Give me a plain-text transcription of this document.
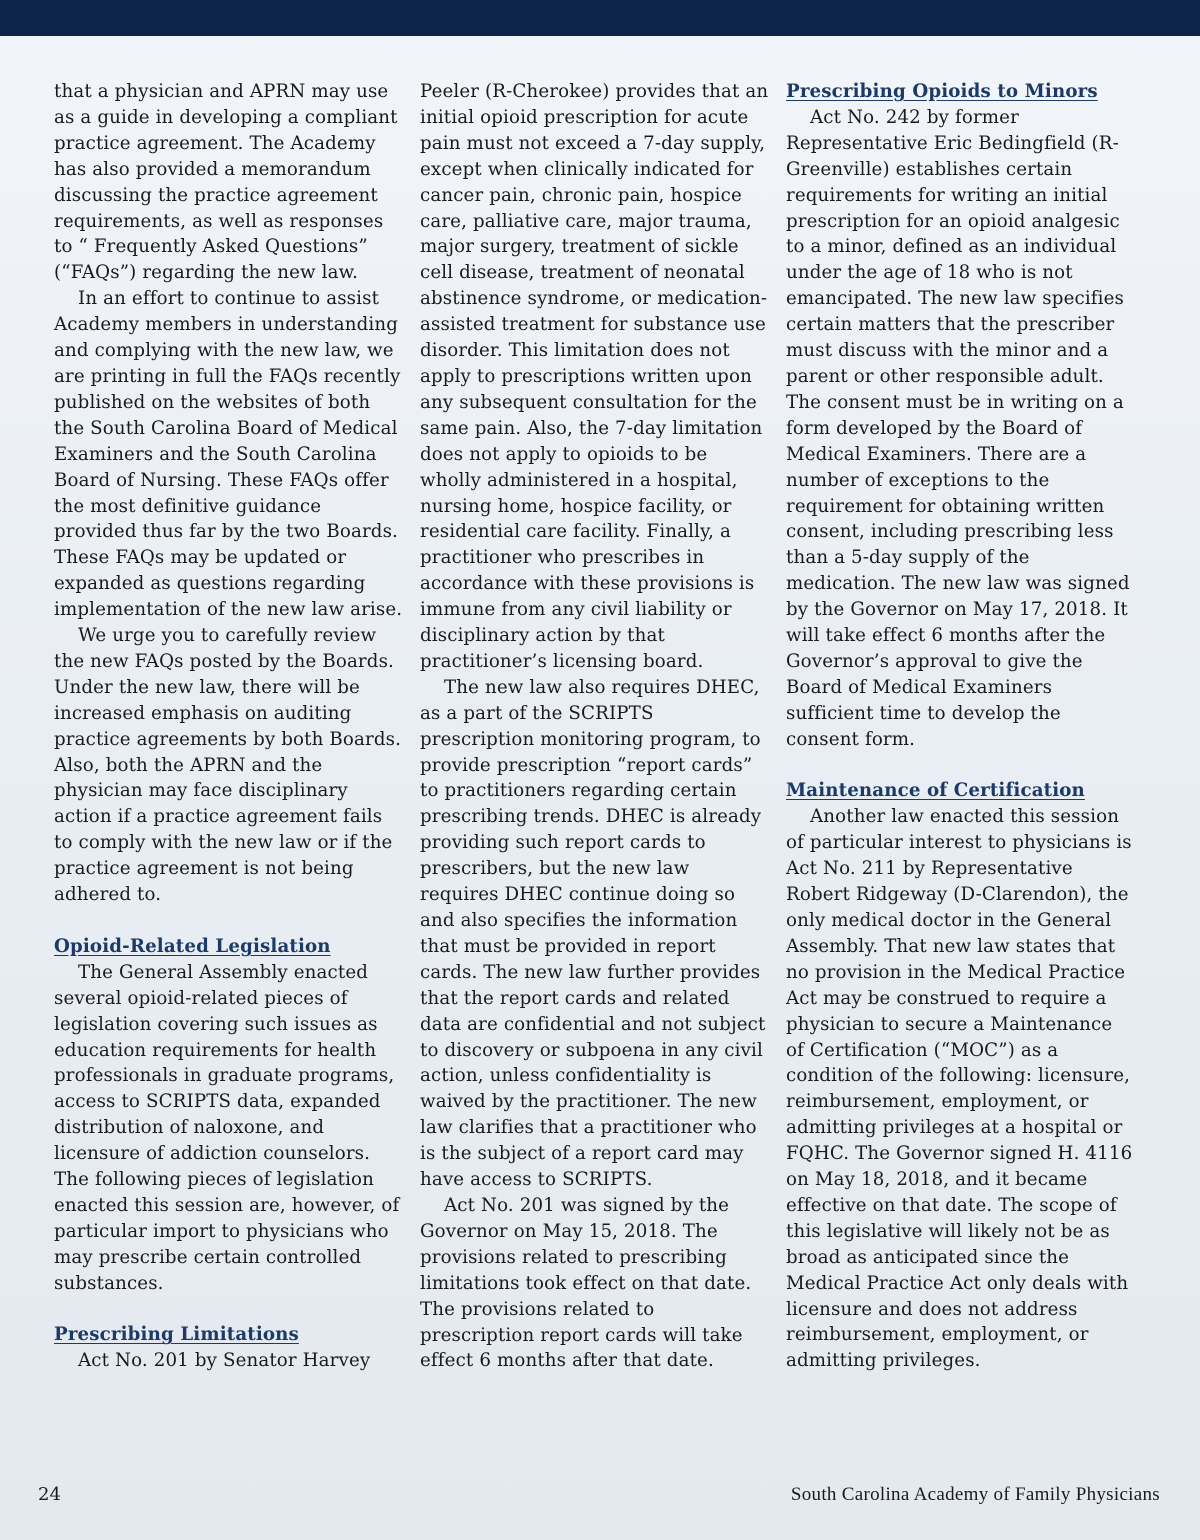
that a physician and APRN may use as a guide in developing a compliant practice agreement. The Academy has also provided a memorandum discussing the practice agreement requirements, as well as responses to “ Frequently Asked Questions” (“FAQs”) regarding the new law.

In an effort to continue to assist Academy members in understanding and complying with the new law, we are printing in full the FAQs recently published on the websites of both the South Carolina Board of Medical Examiners and the South Carolina Board of Nursing. These FAQs offer the most definitive guidance provided thus far by the two Boards. These FAQs may be updated or expanded as questions regarding implementation of the new law arise.

We urge you to carefully review the new FAQs posted by the Boards. Under the new law, there will be increased emphasis on auditing practice agreements by both Boards. Also, both the APRN and the physician may face disciplinary action if a practice agreement fails to comply with the new law or if the practice agreement is not being adhered to.

Opioid-Related Legislation

The General Assembly enacted several opioid-related pieces of legislation covering such issues as education requirements for health professionals in graduate programs, access to SCRIPTS data, expanded distribution of naloxone, and licensure of addiction counselors. The following pieces of legislation enacted this session are, however, of particular import to physicians who may prescribe certain controlled substances.

Prescribing Limitations

Act No. 201 by Senator Harvey

Peeler (R-Cherokee) provides that an initial opioid prescription for acute pain must not exceed a 7-day supply, except when clinically indicated for cancer pain, chronic pain, hospice care, palliative care, major trauma, major surgery, treatment of sickle cell disease, treatment of neonatal abstinence syndrome, or medication-assisted treatment for substance use disorder. This limitation does not apply to prescriptions written upon any subsequent consultation for the same pain. Also, the 7-day limitation does not apply to opioids to be wholly administered in a hospital, nursing home, hospice facility, or residential care facility. Finally, a practitioner who prescribes in accordance with these provisions is immune from any civil liability or disciplinary action by that practitioner’s licensing board.

The new law also requires DHEC, as a part of the SCRIPTS prescription monitoring program, to provide prescription “report cards” to practitioners regarding certain prescribing trends. DHEC is already providing such report cards to prescribers, but the new law requires DHEC continue doing so and also specifies the information that must be provided in report cards. The new law further provides that the report cards and related data are confidential and not subject to discovery or subpoena in any civil action, unless confidentiality is waived by the practitioner. The new law clarifies that a practitioner who is the subject of a report card may have access to SCRIPTS.

Act No. 201 was signed by the Governor on May 15, 2018. The provisions related to prescribing limitations took effect on that date. The provisions related to prescription report cards will take effect 6 months after that date.

Prescribing Opioids to Minors

Act No. 242 by former Representative Eric Bedingfield (R- Greenville) establishes certain requirements for writing an initial prescription for an opioid analgesic to a minor, defined as an individual under the age of 18 who is not emancipated. The new law specifies certain matters that the prescriber must discuss with the minor and a parent or other responsible adult. The consent must be in writing on a form developed by the Board of Medical Examiners. There are a number of exceptions to the requirement for obtaining written consent, including prescribing less than a 5-day supply of the medication. The new law was signed by the Governor on May 17, 2018. It will take effect 6 months after the Governor’s approval to give the Board of Medical Examiners sufficient time to develop the consent form.

Maintenance of Certification

Another law enacted this session of particular interest to physicians is Act No. 211 by Representative Robert Ridgeway (D-Clarendon), the only medical doctor in the General Assembly. That new law states that no provision in the Medical Practice Act may be construed to require a physician to secure a Maintenance of Certification (“MOC”) as a condition of the following: licensure, reimbursement, employment, or admitting privileges at a hospital or FQHC. The Governor signed H. 4116 on May 18, 2018, and it became effective on that date. The scope of this legislative will likely not be as broad as anticipated since the Medical Practice Act only deals with licensure and does not address reimbursement, employment, or admitting privileges.

24	South Carolina Academy of Family Physicians
